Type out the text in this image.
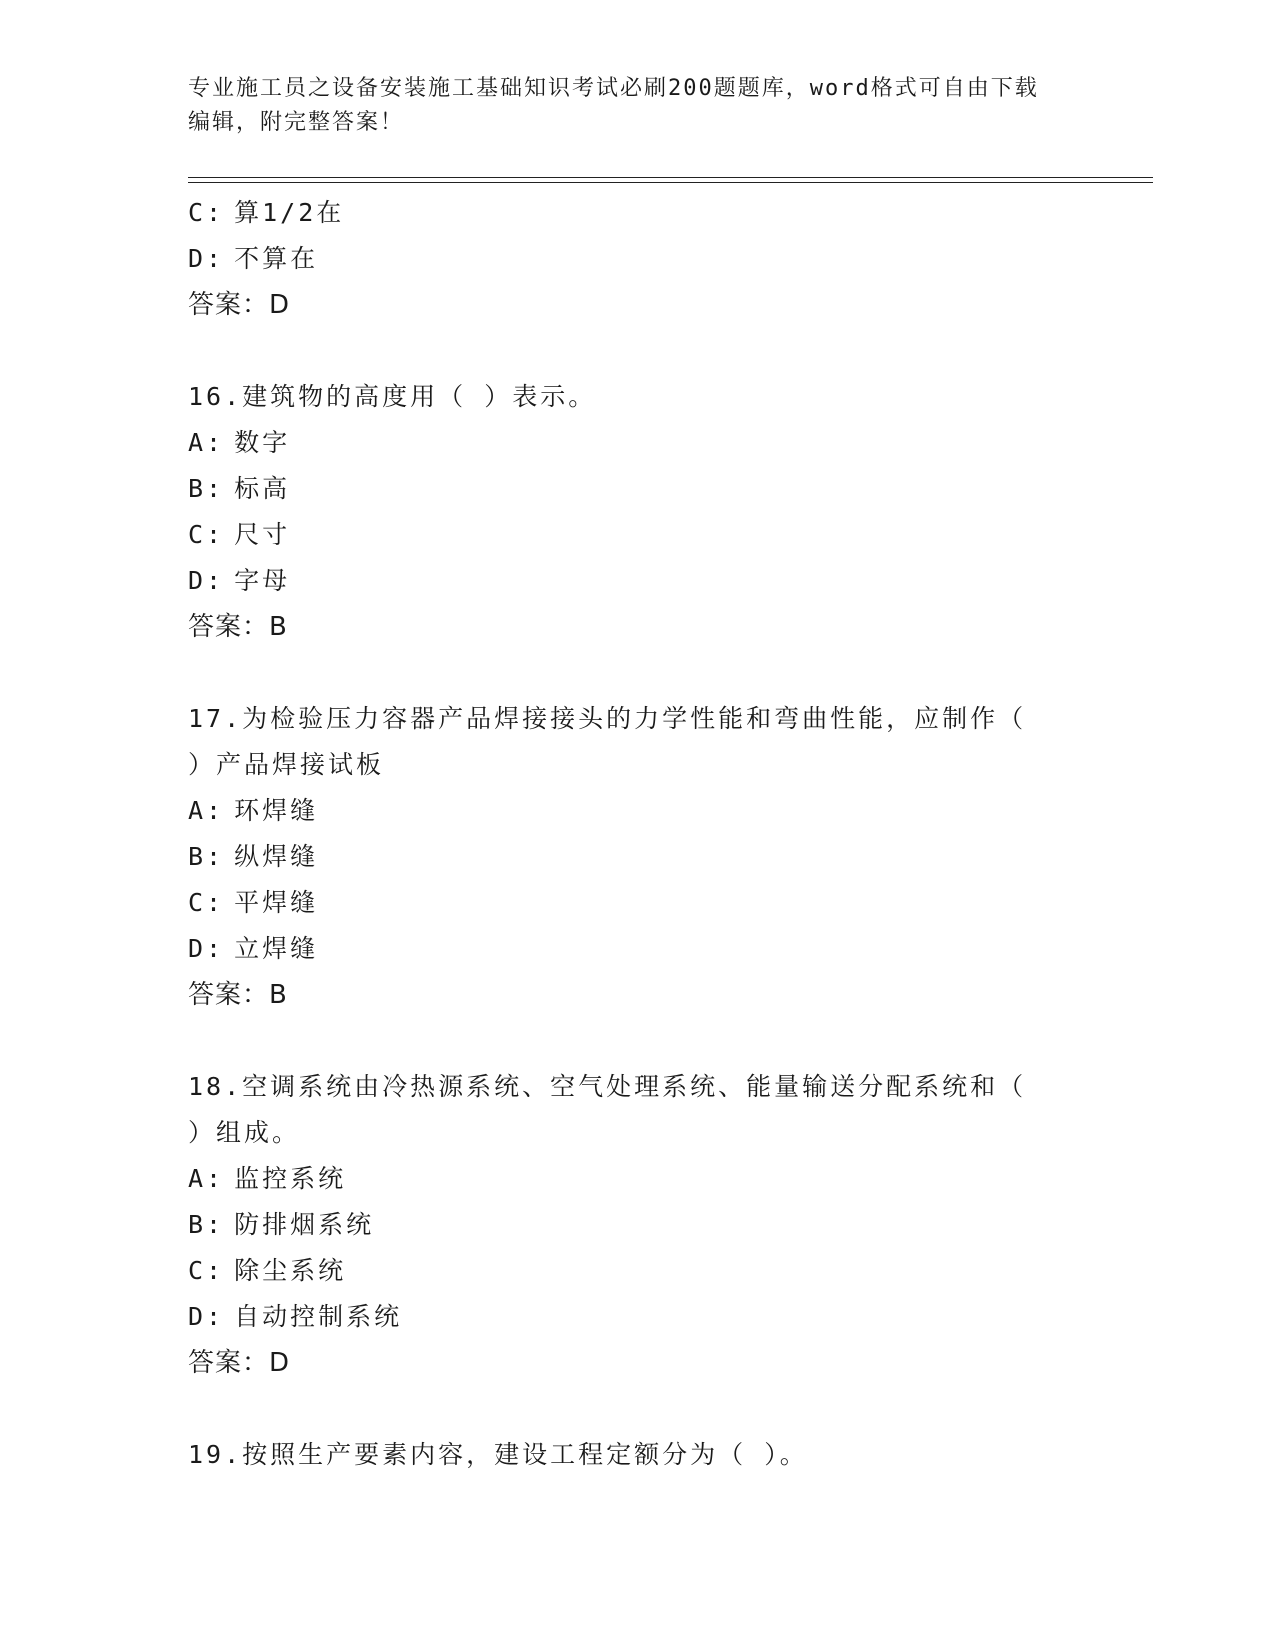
专业施工员之设备安装施工基础知识考试必刷200题题库，word格式可自由下载
编辑，附完整答案！
C: 算1/2在
D: 不算在
答案：D
16.建筑物的高度用（ ）表示。
A: 数字
B: 标高
C: 尺寸
D: 字母
答案：B
17.为检验压力容器产品焊接接头的力学性能和弯曲性能，应制作（
）产品焊接试板
A: 环焊缝
B: 纵焊缝
C: 平焊缝
D: 立焊缝
答案：B
18.空调系统由冷热源系统、空气处理系统、能量输送分配系统和（
）组成。
A: 监控系统
B: 防排烟系统
C: 除尘系统
D: 自动控制系统
答案：D
19.按照生产要素内容，建设工程定额分为（ ）。
